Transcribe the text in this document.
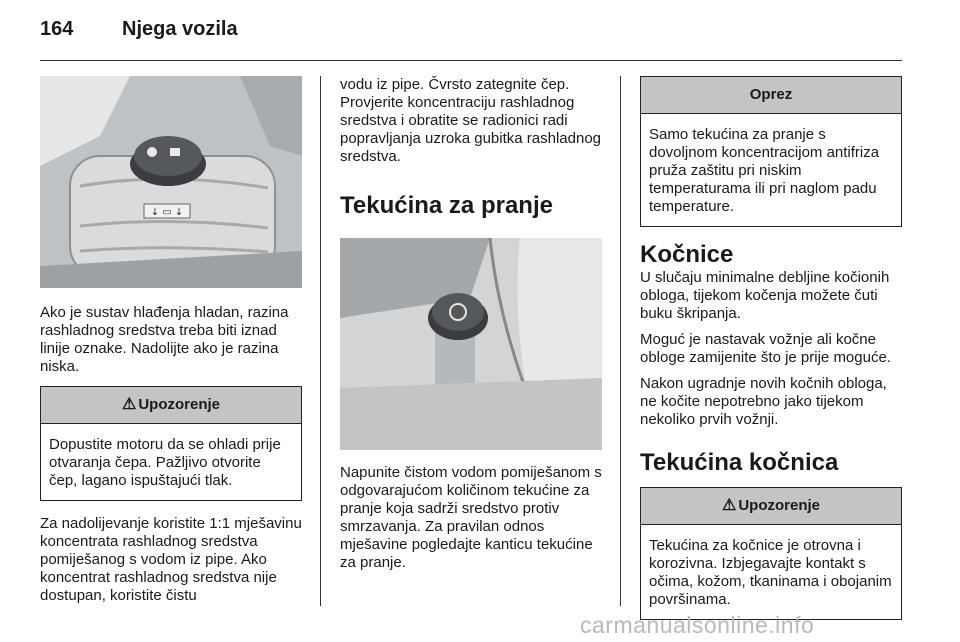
164 Njega vozila
↓ ▭ ↓

Ako je sustav hlađenja hladan, razina rashladnog sredstva treba biti iznad linije oznake. Nadolijte ako je razina niska.

⚠ Upozorenje
Dopustite motoru da se ohladi prije otvaranja čepa. Pažljivo otvorite čep, lagano ispuštajući tlak.

Za nadolijevanje koristite 1:1 mješavinu koncentrata rashladnog sredstva pomiješanog s vodom iz pipe. Ako koncentrat rashladnog sredstva nije dostupan, koristite čistu

vodu iz pipe. Čvrsto zategnite čep. Provjerite koncentraciju rashladnog sredstva i obratite se radionici radi popravljanja uzroka gubitka rashladnog sredstva.

Tekućina za pranje

Napunite čistom vodom pomiješanom s odgovarajućom količinom tekućine za pranje koja sadrži sredstvo protiv smrzavanja. Za pravilan odnos mješavine pogledajte kanticu tekućine za pranje.

Oprez
Samo tekućina za pranje s dovoljnom koncentracijom antifriza pruža zaštitu pri niskim temperaturama ili pri naglom padu temperature.
Kočnice

U slučaju minimalne debljine kočionih obloga, tijekom kočenja možete čuti buku škripanja.

Moguć je nastavak vožnje ali kočne obloge zamijenite što je prije moguće.

Nakon ugradnje novih kočnih obloga, ne kočite nepotrebno jako tijekom nekoliko prvih vožnji.

Tekućina kočnica
⚠ Upozorenje
Tekućina za kočnice je otrovna i korozivna. Izbjegavajte kontakt s očima, kožom, tkaninama i obojanim površinama.
carmanualsonline.info
